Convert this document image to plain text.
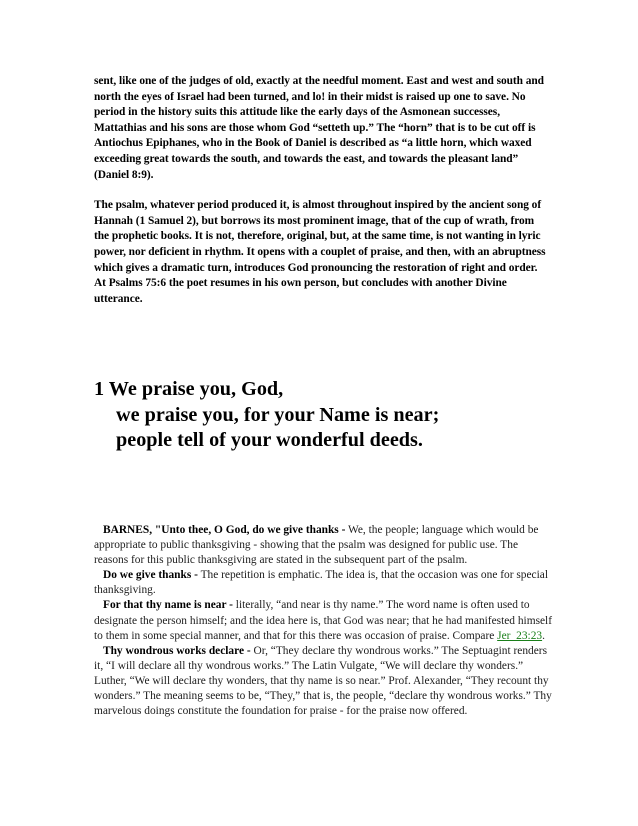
sent, like one of the judges of old, exactly at the needful moment. East and west and south and north the eyes of Israel had been turned, and lo! in their midst is raised up one to save. No period in the history suits this attitude like the early days of the Asmonean successes, Mattathias and his sons are those whom God “setteth up.” The “horn” that is to be cut off is Antiochus Epiphanes, who in the Book of Daniel is described as “a little horn, which waxed exceeding great towards the south, and towards the east, and towards the pleasant land” (Daniel 8:9).

The psalm, whatever period produced it, is almost throughout inspired by the ancient song of Hannah (1 Samuel 2), but borrows its most prominent image, that of the cup of wrath, from the prophetic books. It is not, therefore, original, but, at the same time, is not wanting in lyric power, nor deficient in rhythm. It opens with a couplet of praise, and then, with an abruptness which gives a dramatic turn, introduces God pronouncing the restoration of right and order. At Psalms 75:6 the poet resumes in his own person, but concludes with another Divine utterance.

1 We praise you, God,
we praise you, for your Name is near;
people tell of your wonderful deeds.

BARNES, "Unto thee, O God, do we give thanks - We, the people; language which would be appropriate to public thanksgiving - showing that the psalm was designed for public use. The reasons for this public thanksgiving are stated in the subsequent part of the psalm.

Do we give thanks - The repetition is emphatic. The idea is, that the occasion was one for special thanksgiving.

For that thy name is near - literally, “and near is thy name.” The word name is often used to designate the person himself; and the idea here is, that God was near; that he had manifested himself to them in some special manner, and that for this there was occasion of praise. Compare Jer_23:23.

Thy wondrous works declare - Or, “They declare thy wondrous works.” The Septuagint renders it, “I will declare all thy wondrous works.” The Latin Vulgate, “We will declare thy wonders.” Luther, “We will declare thy wonders, that thy name is so near.” Prof. Alexander, “They recount thy wonders.” The meaning seems to be, “They,” that is, the people, “declare thy wondrous works.” Thy marvelous doings constitute the foundation for praise - for the praise now offered.
